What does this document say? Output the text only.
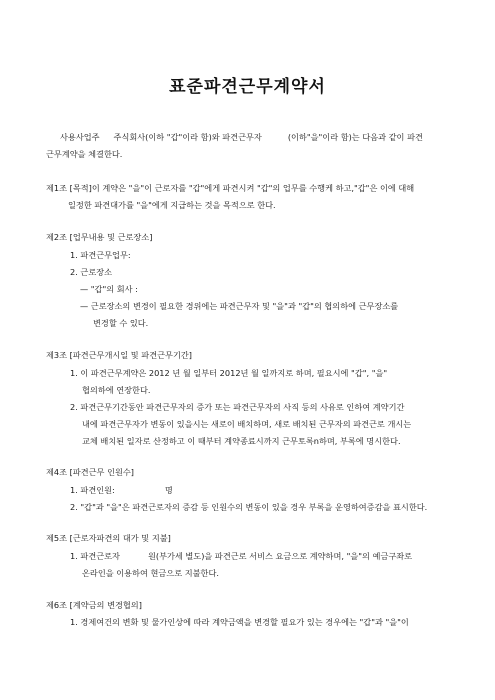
표준파견근무계약서
사용사업주 주식회사(이하 "갑"이라 함)와 파견근무자	(이하"을"이라 함)는 다음과 같이 파견
근무계약을 체결한다.
제1조 [목적]이 계약은 "을"이 근로자를 "갑"에게 파견시켜 "갑"의 업무를 수행케 하고,"갑"은 이에 대해
일정한 파견대가를 "을"에게 지급하는 것을 목적으로 한다.
제2조 [업무내용 및 근로장소]
1. 파견근무업무:
2. 근로장소
— "갑"의 회사 :
— 근로장소의 변경이 필요한 경위에는 파견근무자 및 "을"과 "갑"의 협의하에 근무장소를
변경할 수 있다.
제3조 [파견근무개시일 및 파견근무기간]
1. 이 파견근무계약은 2012 년 월 일부터 2012년 월 일까지로 하며, 필요시에 "갑", "을"
협의하에 연장한다.
2. 파견근무기간동안 파견근무자의 증가 또는 파견근무자의 사직 등의 사유로 인하여 계약기간
내에 파견근무자가 변동이 있을시는 새로이 배치하며, 새로 배치된 근무자의 파견근로 개시는
교체 배치된 일자로 산정하고 이 때부터 계약종료시까지 근무토록n하며, 부록에 명시한다.
제4조 [파견근무 인원수]
1. 파견인원:	명
2. "갑"과 "을"은 파견근로자의 증감 등 인원수의 변동이 있을 경우 부록을 운영하여증감을 표시한다.
제5조 [근로자파견의 대가 및 지불]
1. 파견근로자	원(부가세 별도)을 파견근로 서비스 요금으로 계약하며, "을"의 예금구좌로
온라인을 이용하여 현금으로 지불한다.
제6조 [계약금의 변경협의]
1. 경제여건의 변화 및 물가인상에 따라 계약금액을 변경할 필요가 있는 경우에는 "갑"과 "을"이
